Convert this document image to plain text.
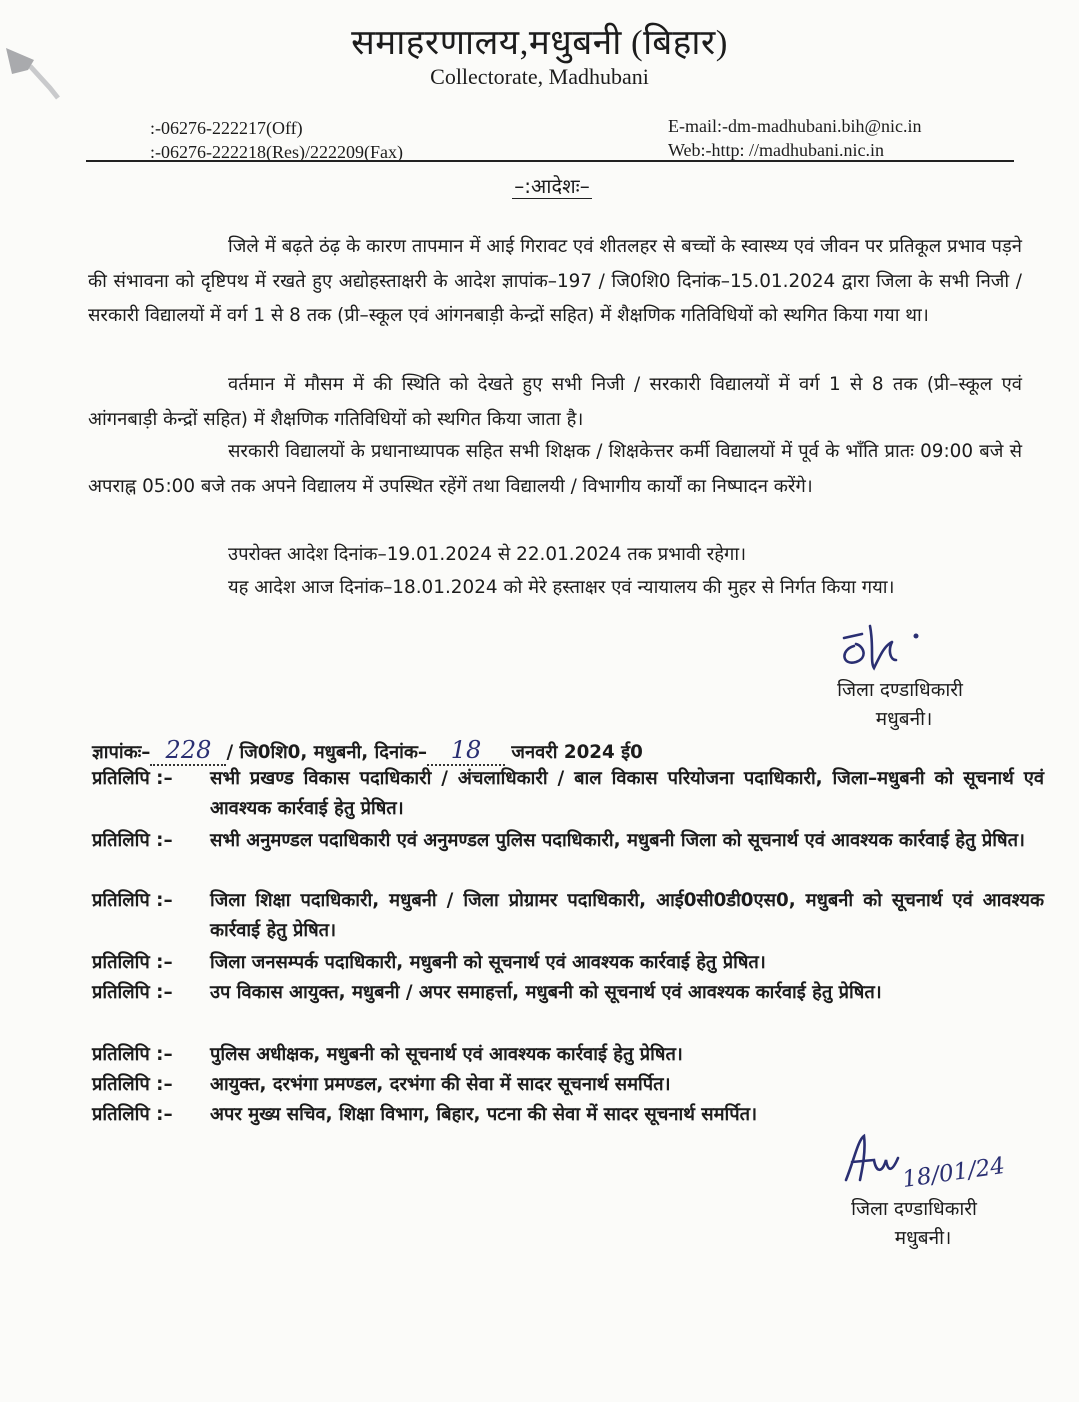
समाहरणालय,मधुबनी (बिहार)
Collectorate, Madhubani
:-06276-222217(Off)
:-06276-222218(Res)/222209(Fax)
E-mail:-dm-madhubani.bih@nic.in
Web:-http: //madhubani.nic.in
–:आदेशः–
जिले में बढ़ते ठंढ़ के कारण तापमान में आई गिरावट एवं शीतलहर से बच्चों के स्वास्थ्य एवं जीवन पर प्रतिकूल प्रभाव पड़ने की संभावना को दृष्टिपथ में रखते हुए अद्योहस्ताक्षरी के आदेश ज्ञापांक–197 / जि0शि0 दिनांक–15.01.2024 द्वारा जिला के सभी निजी / सरकारी विद्यालयों में वर्ग 1 से 8 तक (प्री–स्कूल एवं आंगनबाड़ी केन्द्रों सहित) में शैक्षणिक गतिविधियों को स्थगित किया गया था।
वर्तमान में मौसम में की स्थिति को देखते हुए सभी निजी / सरकारी विद्यालयों में वर्ग 1 से 8 तक (प्री–स्कूल एवं आंगनबाड़ी केन्द्रों सहित) में शैक्षणिक गतिविधियों को स्थगित किया जाता है।
सरकारी विद्यालयों के प्रधानाध्यापक सहित सभी शिक्षक / शिक्षकेत्तर कर्मी विद्यालयों में पूर्व के भाँति प्रातः 09:00 बजे से अपराह्न 05:00 बजे तक अपने विद्यालय में उपस्थित रहेंगें तथा विद्यालयी / विभागीय कार्यों का निष्पादन करेंगे।
उपरोक्त आदेश दिनांक–19.01.2024 से 22.01.2024 तक प्रभावी रहेगा।
यह आदेश आज दिनांक–18.01.2024 को मेरे हस्ताक्षर एवं न्यायालय की मुहर से निर्गत किया गया।
जिला दण्डाधिकारी
मधुबनी।
ज्ञापांकः– 228 / जि0शि0, मधुबनी, दिनांक– 18 जनवरी 2024 ई0
प्रतिलिपि :–	सभी प्रखण्ड विकास पदाधिकारी / अंचलाधिकारी / बाल विकास परियोजना पदाधिकारी, जिला–मधुबनी को सूचनार्थ एवं आवश्यक कार्रवाई हेतु प्रेषित।
प्रतिलिपि :–	सभी अनुमण्डल पदाधिकारी एवं अनुमण्डल पुलिस पदाधिकारी, मधुबनी जिला को सूचनार्थ एवं आवश्यक कार्रवाई हेतु प्रेषित।
प्रतिलिपि :–	जिला शिक्षा पदाधिकारी, मधुबनी / जिला प्रोग्रामर पदाधिकारी, आई0सी0डी0एस0, मधुबनी को सूचनार्थ एवं आवश्यक कार्रवाई हेतु प्रेषित।
प्रतिलिपि :–	जिला जनसम्पर्क पदाधिकारी, मधुबनी को सूचनार्थ एवं आवश्यक कार्रवाई हेतु प्रेषित।
प्रतिलिपि :–	उप विकास आयुक्त, मधुबनी / अपर समाहर्त्ता, मधुबनी को सूचनार्थ एवं आवश्यक कार्रवाई हेतु प्रेषित।
प्रतिलिपि :–	पुलिस अधीक्षक, मधुबनी को सूचनार्थ एवं आवश्यक कार्रवाई हेतु प्रेषित।
प्रतिलिपि :–	आयुक्त, दरभंगा प्रमण्डल, दरभंगा की सेवा में सादर सूचनार्थ समर्पित।
प्रतिलिपि :–	अपर मुख्य सचिव, शिक्षा विभाग, बिहार, पटना की सेवा में सादर सूचनार्थ समर्पित।
18/01/24
जिला दण्डाधिकारी
मधुबनी।
